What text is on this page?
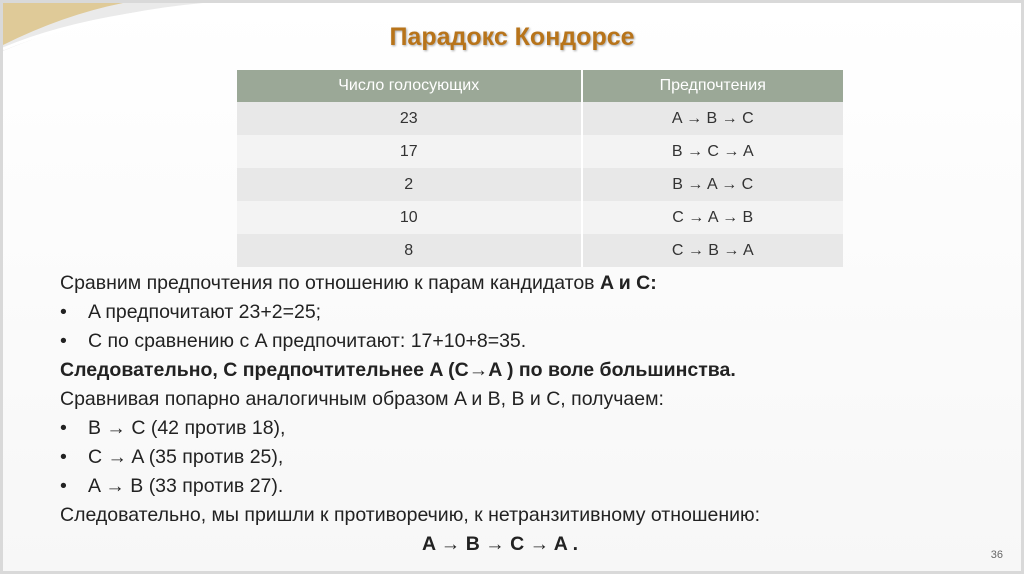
Парадокс Кондорсе
Число голосующих	Предпочтения
23	A → B → C
17	B → C → A
2	B → A → C
10	C → A → B
8	C → B → A

Сравним предпочтения по отношению к парам кандидатов A и C:

• A предпочитают 23+2=25;

• C по сравнению с A предпочитают: 17+10+8=35.

Следовательно, C предпочтительнее A (C→A ) по воле большинства.

Сравнивая попарно аналогичным образом A и B, B и C, получаем:

• B → C (42 против 18),

• C → A (35 против 25),

• A → B (33 против 27).

Следовательно, мы пришли к противоречию, к нетранзитивному отношению:

A → B → C → A .	36
